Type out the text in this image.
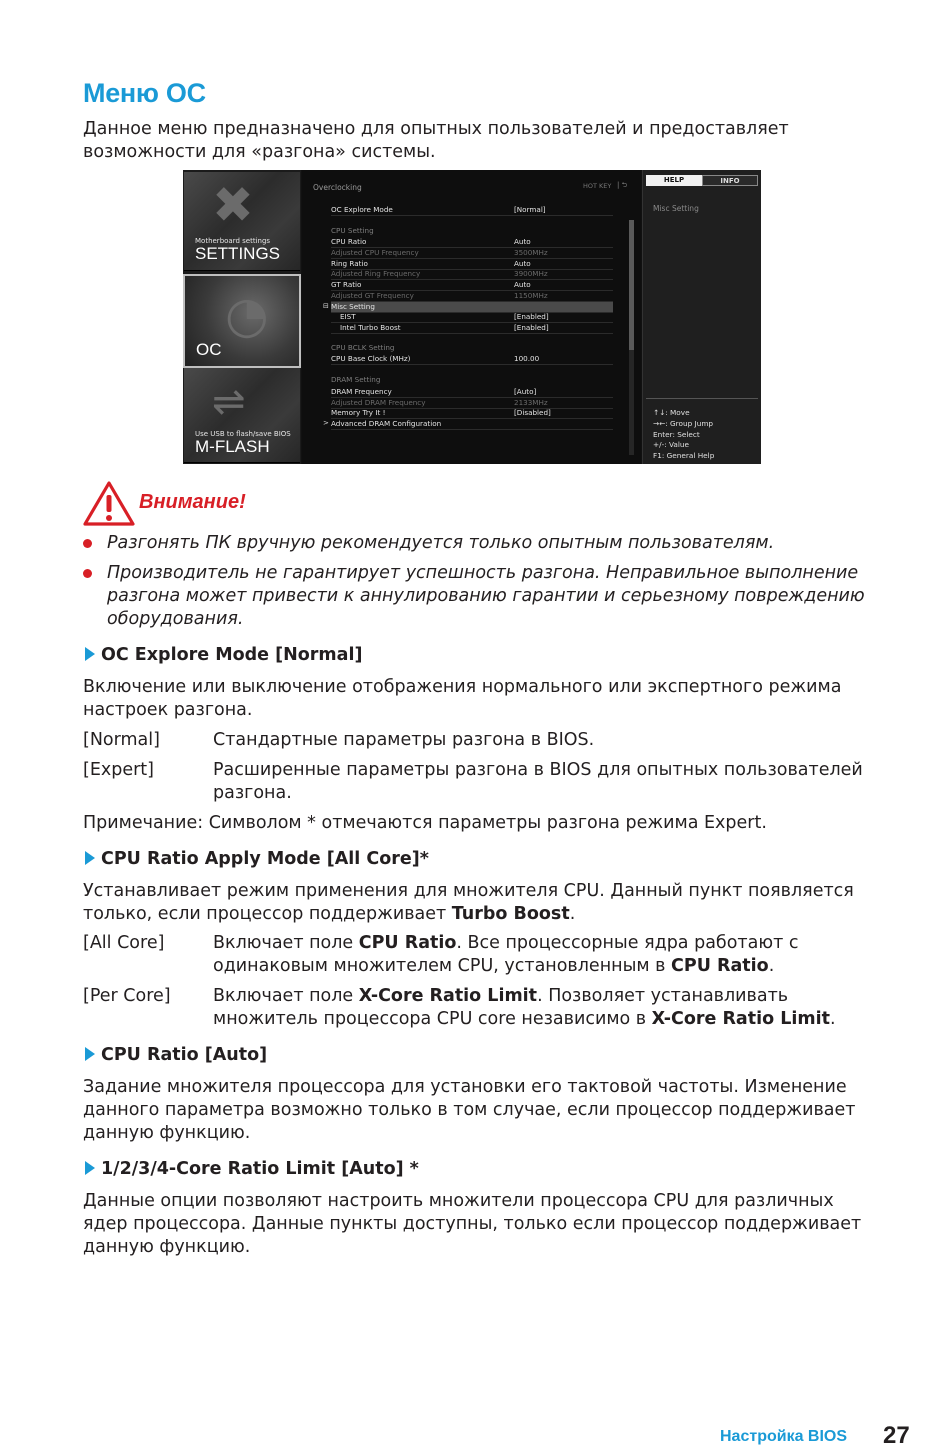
Меню OC

Данное меню предназначено для опытных пользователей и предоставляет возможности для «разгона» системы.

✖
Motherboard settings
SETTINGS
◔
OC
⇌
Use USB to flash/save BIOS
M-FLASH
Overclocking	HOT KEY | ⮌
OC Explore Mode	[Normal]
CPU Setting
CPU Ratio	Auto
Adjusted CPU Frequency	3500MHz
Ring Ratio	Auto
Adjusted Ring Frequency	3900MHz
GT Ratio	Auto
Adjusted GT Frequency	1150MHz
⊟ Misc Setting
EIST	[Enabled]
Intel Turbo Boost	[Enabled]
CPU BCLK Setting
CPU Base Clock (MHz)	100.00
DRAM Setting
DRAM Frequency	[Auto]
Adjusted DRAM Frequency	2133MHz
Memory Try It !	[Disabled]
> Advanced DRAM Configuration
HELP	INFO
Misc Setting
↑↓: Move
→←: Group Jump
Enter: Select
+/-: Value
F1: General Help
Внимание!
Разгонять ПК вручную рекомендуется только опытным пользователям.
Производитель не гарантирует успешность разгона. Неправильное выполнение разгона может привести к аннулированию гарантии и серьезному повреждению оборудования.
OC Explore Mode [Normal]

Включение или выключение отображения нормального или экспертного режима настроек разгона.

[Normal]	Стандартные параметры разгона в BIOS.
[Expert]	Расширенные параметры разгона в BIOS для опытных пользователей разгона.

Примечание: Символом * отмечаются параметры разгона режима Expert.

CPU Ratio Apply Mode [All Core]*

Устанавливает режим применения для множителя CPU. Данный пункт появляется только, если процессор поддерживает Turbo Boost.

[All Core]	Включает поле CPU Ratio. Все процессорные ядра работают с одинаковым множителем CPU, установленным в CPU Ratio.
[Per Core] Включает поле X-Core Ratio Limit. Позволяет устанавливать множитель процессора CPU core независимо в X-Core Ratio Limit.
CPU Ratio [Auto]

Задание множителя процессора для установки его тактовой частоты. Изменение данного параметра возможно только в том случае, если процессор поддерживает данную функцию.

1/2/3/4-Core Ratio Limit [Auto] *

Данные опции позволяют настроить множители процессора CPU для различных ядер процессора. Данные пункты доступны, только если процессор поддерживает данную функцию.

Настройка BIOS 27
